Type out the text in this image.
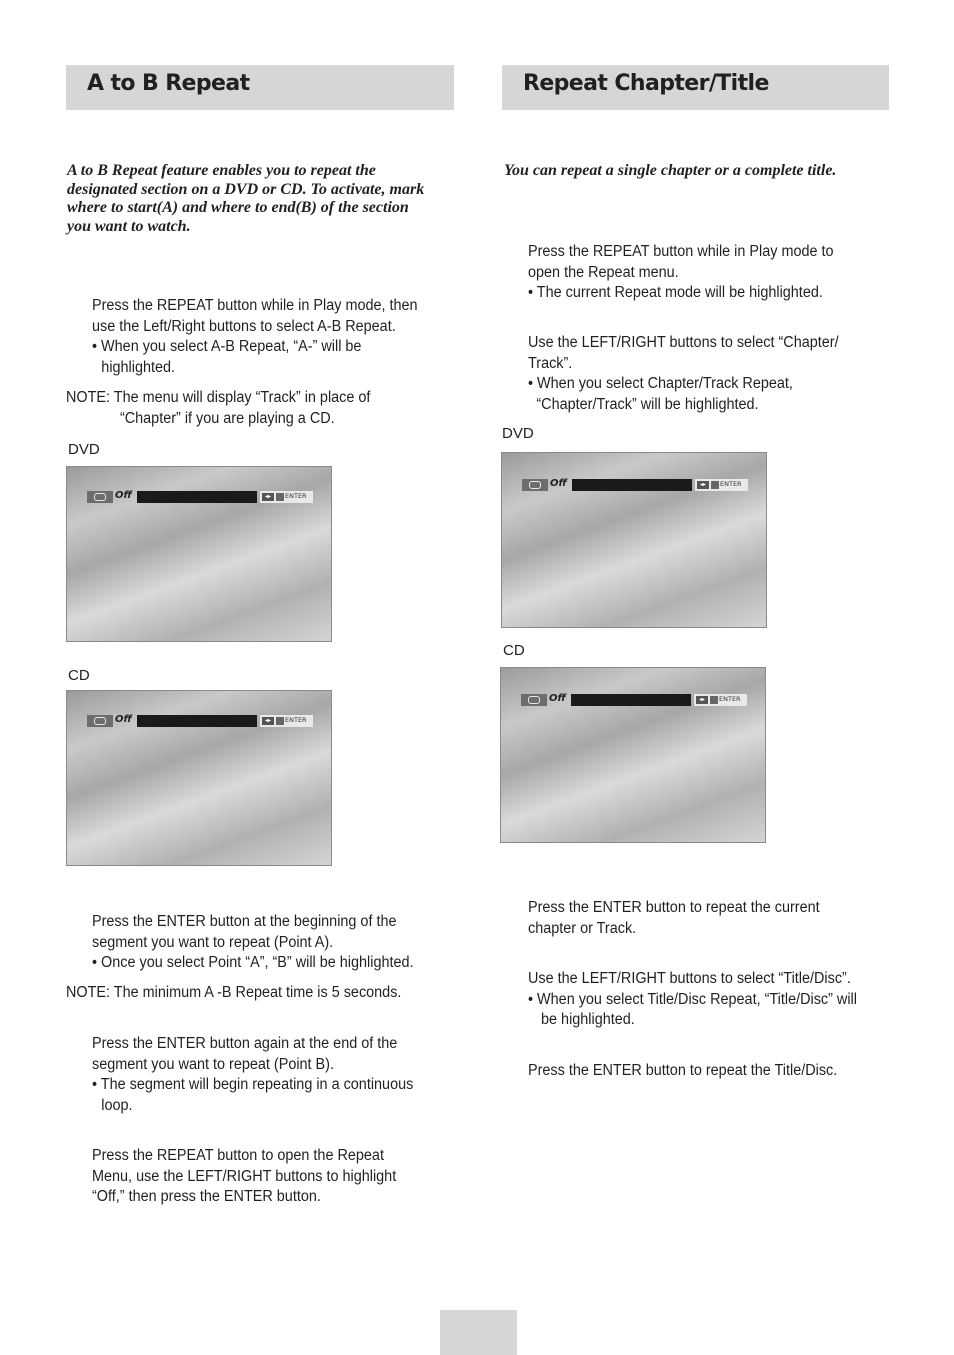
A to B Repeat
A to B Repeat feature enables you to repeat the
designated section on a DVD or CD. To activate, mark
where to start(A) and where to end(B) of the section
you want to watch.
Press the REPEAT button while in Play mode, then
use the Left/Right buttons to select A-B Repeat.
• When you select A-B Repeat, “A-” will be
highlighted.
NOTE: The menu will display “Track” in place of
“Chapter” if you are playing a CD.
DVD
Off	◂▸	ENTER
CD
Off	◂▸	ENTER
Press the ENTER button at the beginning of the
segment you want to repeat (Point A).
• Once you select Point “A”, “B” will be highlighted.
NOTE: The minimum A -B Repeat time is 5 seconds.
Press the ENTER button again at the end of the
segment you want to repeat (Point B).
• The segment will begin repeating in a continuous
loop.
Press the REPEAT button to open the Repeat
Menu, use the LEFT/RIGHT buttons to highlight
“Off,” then press the ENTER button.
Repeat Chapter/Title
You can repeat a single chapter or a complete title.
Press the REPEAT button while in Play mode to
open the Repeat menu.
• The current Repeat mode will be highlighted.
Use the LEFT/RIGHT buttons to select “Chapter/
Track”.
• When you select Chapter/Track Repeat,
“Chapter/Track” will be highlighted.
DVD
Off	◂▸	ENTER
CD
Off	◂▸	ENTER
Press the ENTER button to repeat the current
chapter or Track.
Use the LEFT/RIGHT buttons to select “Title/Disc”.
• When you select Title/Disc Repeat, “Title/Disc” will
be highlighted.
Press the ENTER button to repeat the Title/Disc.
